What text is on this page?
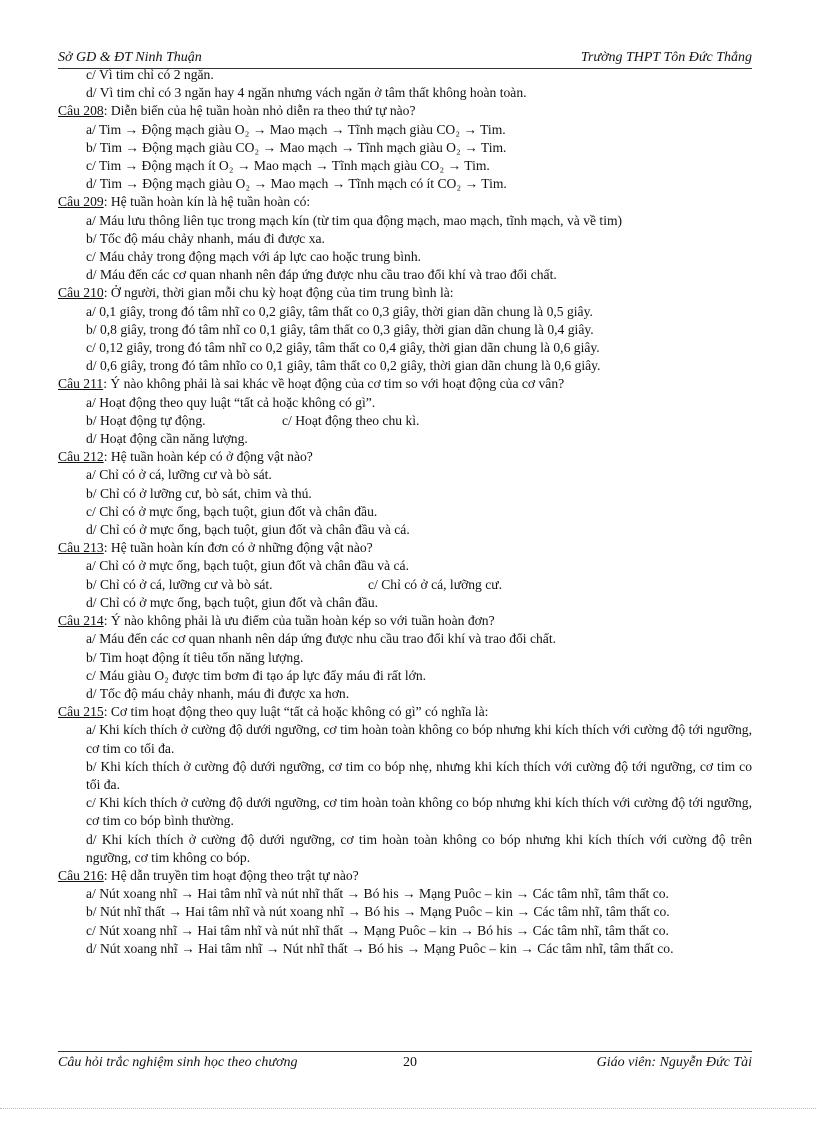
Sở GD & ĐT Ninh Thuận	Trường THPT Tôn Đức Thắng

c/ Vì tim chỉ có 2 ngăn.

d/ Vì tim chỉ có 3 ngăn hay 4 ngăn nhưng vách ngăn ở tâm thất không hoàn toàn.

Câu 208: Diễn biến của hệ tuần hoàn nhỏ diễn ra theo thứ tự nào?

a/ Tim → Động mạch giàu O₂ → Mao mạch → Tĩnh mạch giàu CO₂ → Tim.

b/ Tim → Động mạch giàu CO₂ → Mao mạch → Tĩnh mạch giàu O₂ → Tim.

c/ Tim → Động mạch ít O₂ → Mao mạch → Tĩnh mạch giàu CO₂ → Tim.

d/ Tim → Động mạch giàu O₂ → Mao mạch → Tĩnh mạch có ít CO₂ → Tim.

Câu 209: Hệ tuần hoàn kín là hệ tuần hoàn có:

a/ Máu lưu thông liên tục trong mạch kín (từ tim qua động mạch, mao mạch, tĩnh mạch, và về tim)

b/ Tốc độ máu chảy nhanh, máu đi được xa.

c/ Máu chảy trong động mạch với áp lực cao hoặc trung bình.

d/ Máu đến các cơ quan nhanh nên đáp ứng được nhu cầu trao đổi khí và trao đổi chất.

Câu 210: Ở người, thời gian mỗi chu kỳ hoạt động của tim trung bình là:

a/ 0,1 giây, trong đó tâm nhĩ co 0,2 giây, tâm thất co 0,3 giây, thời gian dãn chung là 0,5 giây.

b/ 0,8 giây, trong đó tâm nhĩ co 0,1 giây, tâm thất co 0,3 giây, thời gian dãn chung là 0,4 giây.

c/ 0,12 giây, trong đó tâm nhĩ co 0,2 giây, tâm thất co 0,4 giây, thời gian dãn chung là 0,6 giây.

d/ 0,6 giây, trong đó tâm nhĩo co 0,1 giây, tâm thất co 0,2 giây, thời gian dãn chung là 0,6 giây.

Câu 211: Ý nào không phải là sai khác về hoạt động của cơ tim so với hoạt động của cơ vân?

a/ Hoạt động theo quy luật “tất cả hoặc không có gì”.

b/ Hoạt động tự động.	c/ Hoạt động theo chu kì.

d/ Hoạt động cần năng lượng.

Câu 212: Hệ tuần hoàn kép có ở động vật nào?

a/ Chỉ có ở cá, lưỡng cư và bò sát.

b/ Chỉ có ở lưỡng cư, bò sát, chim và thú.

c/ Chỉ có ở mực ống, bạch tuột, giun đốt và chân đầu.

d/ Chỉ có ở mực ống, bạch tuột, giun đốt và chân đầu và cá.

Câu 213: Hệ tuần hoàn kín đơn có ở những động vật nào?

a/ Chỉ có ở mực ống, bạch tuột, giun đốt và chân đầu và cá.

b/ Chỉ có ở cá, lưỡng cư và bò sát.	c/ Chỉ có ở cá, lưỡng cư.

d/ Chỉ có ở mực ống, bạch tuột, giun đốt và chân đầu.

Câu 214: Ý nào không phải là ưu điểm của tuần hoàn kép so với tuần hoàn đơn?

a/ Máu đến các cơ quan nhanh nên dáp ứng được nhu cầu trao đổi khí và trao đổi chất.

b/ Tim hoạt động ít tiêu tốn năng lượng.

c/ Máu giàu O₂ được tim bơm đi tạo áp lực đẩy máu đi rất lớn.

d/ Tốc độ máu chảy nhanh, máu đi được xa hơn.

Câu 215: Cơ tim hoạt động theo quy luật “tất cả hoặc không có gì” có nghĩa là:

a/ Khi kích thích ở cường độ dưới ngưỡng, cơ tim hoàn toàn không co bóp nhưng khi kích thích với cường độ tới ngưỡng, cơ tim co tối đa.

b/ Khi kích thích ở cường độ dưới ngưỡng, cơ tim co bóp nhẹ, nhưng khi kích thích với cường độ tới ngưỡng, cơ tim co tối đa.

c/ Khi kích thích ở cường độ dưới ngưỡng, cơ tim hoàn toàn không co bóp nhưng khi kích thích với cường độ tới ngưỡng, cơ tim co bóp bình thường.

d/ Khi kích thích ở cường độ dưới ngưỡng, cơ tim hoàn toàn không co bóp nhưng khi kích thích với cường độ trên ngưỡng, cơ tim không co bóp.

Câu 216: Hệ dẫn truyền tim hoạt động theo trật tự nào?

a/ Nút xoang nhĩ → Hai tâm nhĩ và nút nhĩ thất → Bó his → Mạng Puôc – kin → Các tâm nhĩ, tâm thất co.

b/ Nút nhĩ thất → Hai tâm nhĩ và nút xoang nhĩ → Bó his → Mạng Puôc – kin → Các tâm nhĩ, tâm thất co.

c/ Nút xoang nhĩ → Hai tâm nhĩ và nút nhĩ thất → Mạng Puôc – kin → Bó his → Các tâm nhĩ, tâm thất co.

d/ Nút xoang nhĩ → Hai tâm nhĩ → Nút nhĩ thất → Bó his → Mạng Puôc – kin → Các tâm nhĩ, tâm thất co.

Câu hỏi trắc nghiệm sinh học theo chương	20	Giáo viên: Nguyễn Đức Tài
